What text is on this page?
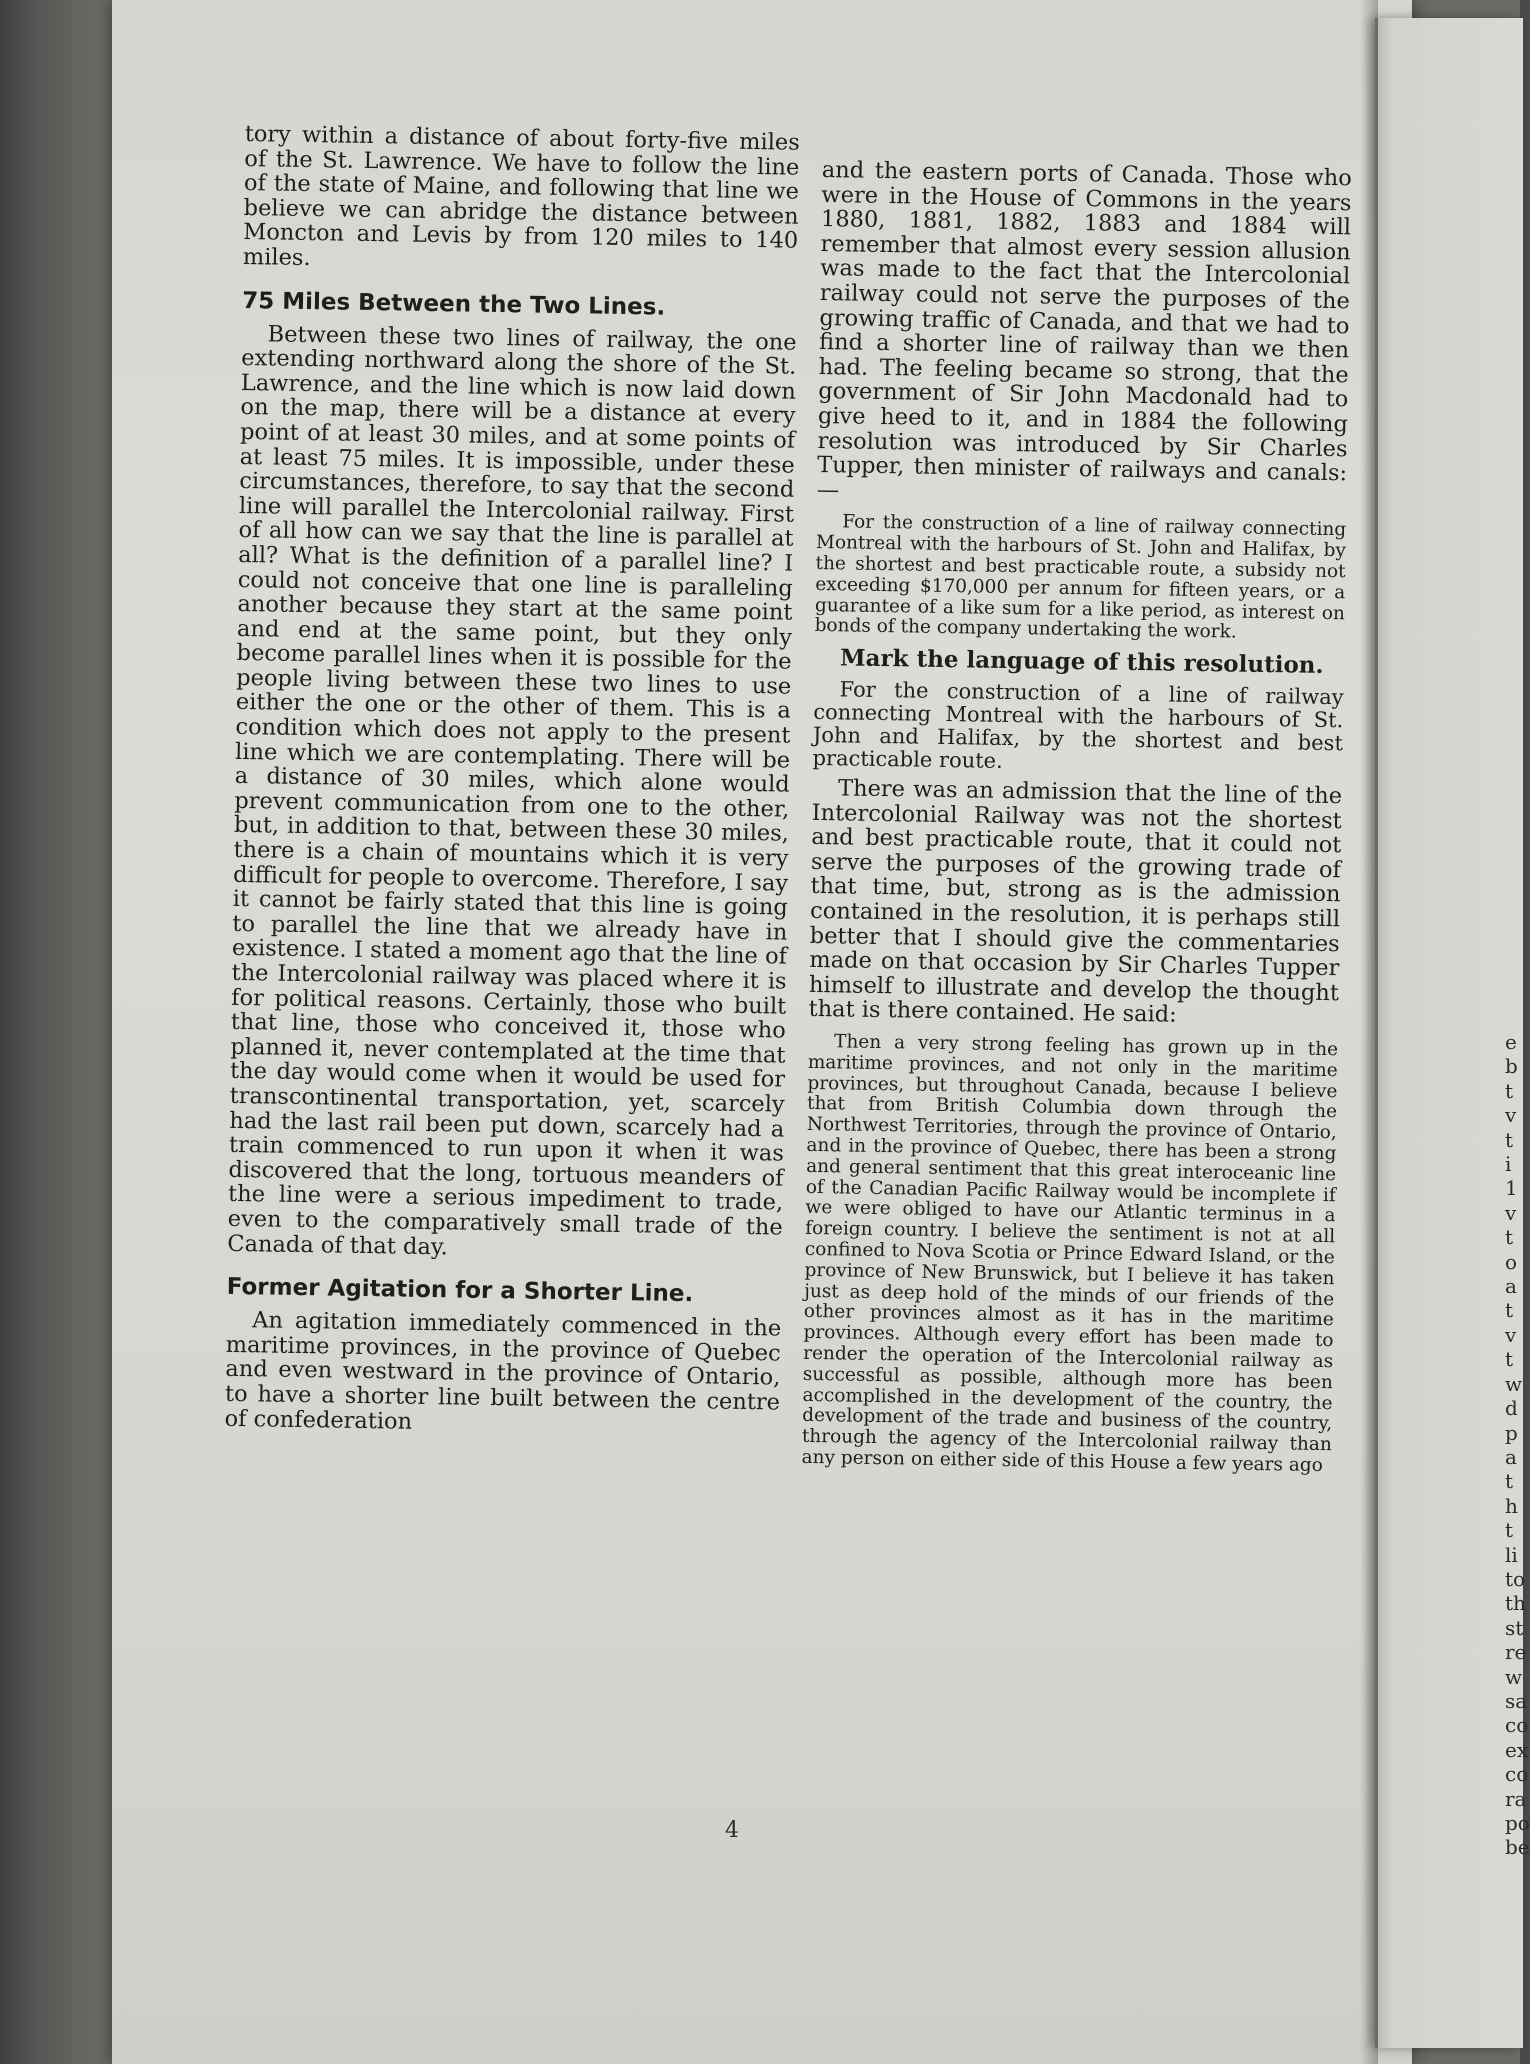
tory within a distance of about forty-five miles of the St. Lawrence. We have to follow the line of the state of Maine, and following that line we believe we can abridge the distance between Moncton and Levis by from 120 miles to 140 miles.

75 Miles Between the Two Lines.

Between these two lines of railway, the one extending northward along the shore of the St. Lawrence, and the line which is now laid down on the map, there will be a distance at every point of at least 30 miles, and at some points of at least 75 miles. It is impossible, under these circumstances, therefore, to say that the second line will parallel the Intercolonial railway. First of all how can we say that the line is parallel at all? What is the definition of a parallel line? I could not conceive that one line is paralleling another because they start at the same point and end at the same point, but they only become parallel lines when it is possible for the people living between these two lines to use either the one or the other of them. This is a condition which does not apply to the present line which we are contemplating. There will be a distance of 30 miles, which alone would prevent communication from one to the other, but, in addition to that, between these 30 miles, there is a chain of mountains which it is very difficult for people to overcome. Therefore, I say it cannot be fairly stated that this line is going to parallel the line that we already have in existence. I stated a moment ago that the line of the Intercolonial railway was placed where it is for political reasons. Certainly, those who built that line, those who conceived it, those who planned it, never contemplated at the time that the day would come when it would be used for transcontinental transportation, yet, scarcely had the last rail been put down, scarcely had a train commenced to run upon it when it was discovered that the long, tortuous meanders of the line were a serious impediment to trade, even to the comparatively small trade of the Canada of that day.

Former Agitation for a Shorter Line.

An agitation immediately commenced in the maritime provinces, in the province of Quebec and even westward in the province of Ontario, to have a shorter line built between the centre of confederation

and the eastern ports of Canada. Those who were in the House of Commons in the years 1880, 1881, 1882, 1883 and 1884 will remember that almost every session allusion was made to the fact that the Intercolonial railway could not serve the purposes of the growing traffic of Canada, and that we had to find a shorter line of railway than we then had. The feeling became so strong, that the government of Sir John Macdonald had to give heed to it, and in 1884 the following resolution was introduced by Sir Charles Tupper, then minister of railways and canals:—

For the construction of a line of railway connecting Montreal with the harbours of St. John and Halifax, by the shortest and best practicable route, a subsidy not exceeding $170,000 per annum for fifteen years, or a guarantee of a like sum for a like period, as interest on bonds of the company undertaking the work.

Mark the language of this resolution.

For the construction of a line of railway connecting Montreal with the harbours of St. John and Halifax, by the shortest and best practicable route.

There was an admission that the line of the Intercolonial Railway was not the shortest and best practicable route, that it could not serve the purposes of the growing trade of that time, but, strong as is the admission contained in the resolution, it is perhaps still better that I should give the commentaries made on that occasion by Sir Charles Tupper himself to illustrate and develop the thought that is there contained. He said:

Then a very strong feeling has grown up in the maritime provinces, and not only in the maritime provinces, but throughout Canada, because I believe that from British Columbia down through the Northwest Territories, through the province of Ontario, and in the province of Quebec, there has been a strong and general sentiment that this great interoceanic line of the Canadian Pacific Railway would be incomplete if we were obliged to have our Atlantic terminus in a foreign country. I believe the sentiment is not at all confined to Nova Scotia or Prince Edward Island, or the province of New Brunswick, but I believe it has taken just as deep hold of the minds of our friends of the other provinces almost as it has in the maritime provinces. Although every effort has been made to render the operation of the Intercolonial railway as successful as possible, although more has been accomplished in the development of the country, the development of the trade and business of the country, through the agency of the Intercolonial railway than any person on either side of this House a few years ago

4
e
b
t
v
t
i
1
v
t
o
a
t
v
t
w
d
p
a
t
h
t
li
to
th
st
re
w
sa
co
ex
co
ra
po
be
